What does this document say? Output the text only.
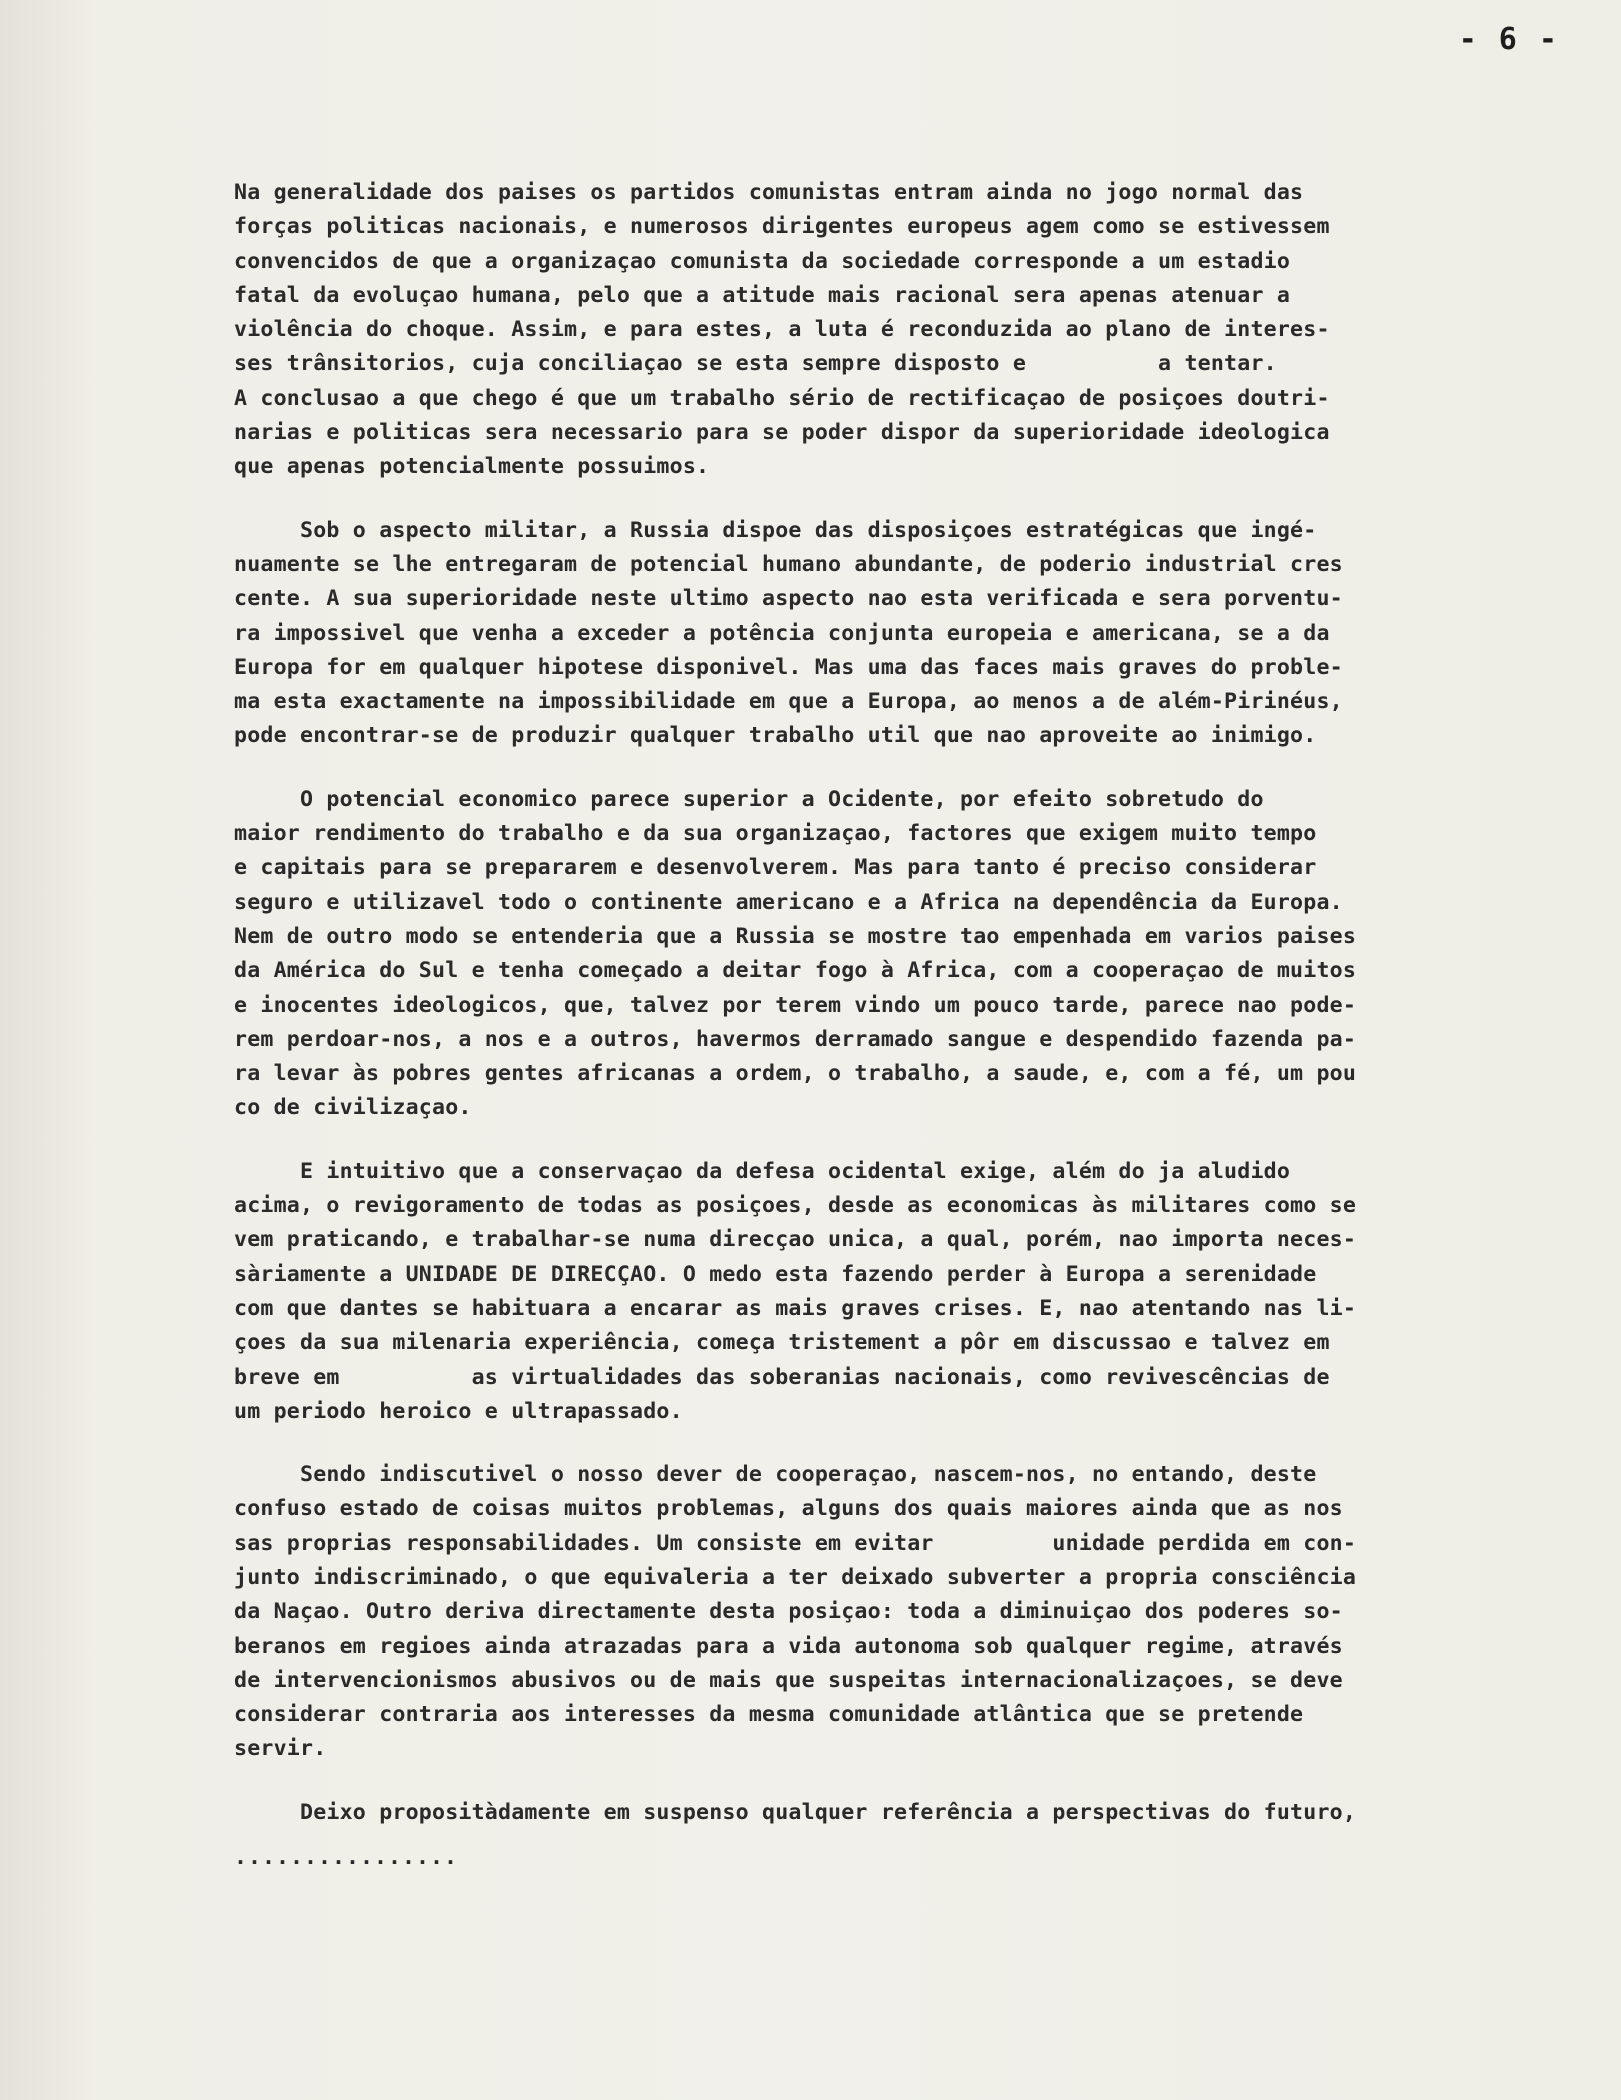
- 6 -
Na generalidade dos paises os partidos comunistas entram ainda no jogo normal das
forças politicas nacionais, e numerosos dirigentes europeus agem como se estivessem
convencidos de que a organizaçao comunista da sociedade corresponde a um estadio
fatal da evoluçao humana, pelo que a atitude mais racional sera apenas atenuar a
violência do choque. Assim, e para estes, a luta é reconduzida ao plano de interes-
ses trânsitorios, cuja conciliaçao se esta sempre disposto e          a tentar.
A conclusao a que chego é que um trabalho sério de rectificaçao de posiçoes doutri-
narias e politicas sera necessario para se poder dispor da superioridade ideologica
que apenas potencialmente possuimos.
Sob o aspecto militar, a Russia dispoe das disposiçoes estratégicas que ingé-
nuamente se lhe entregaram de potencial humano abundante, de poderio industrial cres
cente. A sua superioridade neste ultimo aspecto nao esta verificada e sera porventu-
ra impossivel que venha a exceder a potência conjunta europeia e americana, se a da
Europa for em qualquer hipotese disponivel. Mas uma das faces mais graves do proble-
ma esta exactamente na impossibilidade em que a Europa, ao menos a de além-Pirinéus,
pode encontrar-se de produzir qualquer trabalho util que nao aproveite ao inimigo.
O potencial economico parece superior a Ocidente, por efeito sobretudo do
maior rendimento do trabalho e da sua organizaçao, factores que exigem muito tempo
e capitais para se prepararem e desenvolverem. Mas para tanto é preciso considerar
seguro e utilizavel todo o continente americano e a Africa na dependência da Europa.
Nem de outro modo se entenderia que a Russia se mostre tao empenhada em varios paises
da América do Sul e tenha começado a deitar fogo à Africa, com a cooperaçao de muitos
e inocentes ideologicos, que, talvez por terem vindo um pouco tarde, parece nao pode-
rem perdoar-nos, a nos e a outros, havermos derramado sangue e despendido fazenda pa-
ra levar às pobres gentes africanas a ordem, o trabalho, a saude, e, com a fé, um pou
co de civilizaçao.
E intuitivo que a conservaçao da defesa ocidental exige, além do ja aludido
acima, o revigoramento de todas as posiçoes, desde as economicas às militares como se
vem praticando, e trabalhar-se numa direcçao unica, a qual, porém, nao importa neces-
sàriamente a UNIDADE DE DIRECÇAO. O medo esta fazendo perder à Europa a serenidade
com que dantes se habituara a encarar as mais graves crises. E, nao atentando nas li-
çoes da sua milenaria experiência, começa tristement a pôr em discussao e talvez em
breve em          as virtualidades das soberanias nacionais, como revivescências de
um periodo heroico e ultrapassado.
Sendo indiscutivel o nosso dever de cooperaçao, nascem-nos, no entando, deste
confuso estado de coisas muitos problemas, alguns dos quais maiores ainda que as nos
sas proprias responsabilidades. Um consiste em evitar         unidade perdida em con-
junto indiscriminado, o que equivaleria a ter deixado subverter a propria consciência
da Naçao. Outro deriva directamente desta posiçao: toda a diminuiçao dos poderes so-
beranos em regioes ainda atrazadas para a vida autonoma sob qualquer regime, através
de intervencionismos abusivos ou de mais que suspeitas internacionalizaçoes, se deve
considerar contraria aos interesses da mesma comunidade atlântica que se pretende
servir.
Deixo propositàdamente em suspenso qualquer referência a perspectivas do futuro,
................
